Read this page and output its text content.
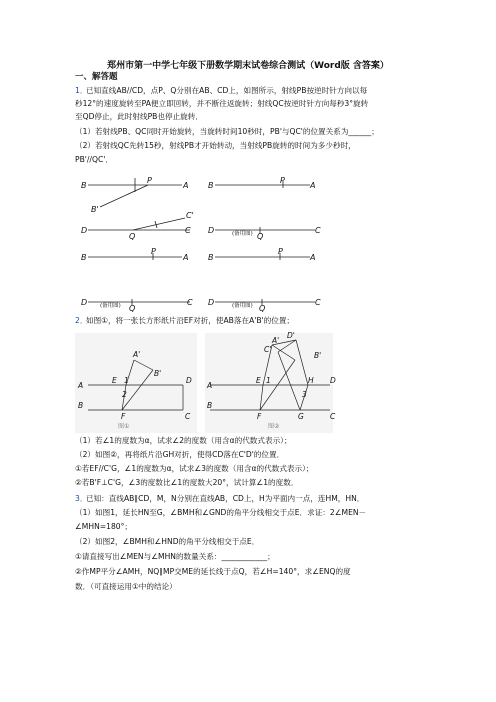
郑州市第一中学七年级下册数学期末试卷综合测试（Word版 含答案）
一、解答题
1．
已知直线AB//CD，点P、Q分别在AB、CD上，如图所示，射线PB按逆时针方向以每
秒12°的速度旋转至PA便立即回转，并不断往返旋转；射线QC按逆时针方向每秒3°旋转
至QD停止，此时射线PB也停止旋转．
（1）若射线PB、QC同时开始旋转，当旋转时间10秒时，PB'与QC'的位置关系为______；
（2）若射线QC先转15秒，射线PB才开始转动，当射线PB旋转的时间为多少秒时，
PB'//QC'．
B
P
A
B'
C'
D
Q
C
B
P
A
D
Q
C
(备用图)
B
P
A
D
Q
C
(备用图)
B
P
A
D
Q
C
(备用图)
2．
如图①，将一张长方形纸片沿EF对折，使AB落在A'B'的位置；
A
E 1
2
D
A'
B'
B
F	C
图①
A
E 1	H
3
D
D'
C'
A'
B'
B
F	G	C
图②
（1）若∠1的度数为α，试求∠2的度数（用含α的代数式表示）；
（2）如图②，再将纸片沿GH对折，使得CD落在C'D'的位置．
①若EF//C'G，∠1的度数为α，试求∠3的度数（用含α的代数式表示）；
②若B'F⊥C'G，∠3的度数比∠1的度数大20°，试计算∠1的度数．
3．
已知：直线AB∥CD，M，N分别在直线AB，CD上，H为平面内一点，连HM，HN．
（1）如图1，延长HN至G，∠BMH和∠GND的角平分线相交于点E．求证：2∠MEN－
∠MHN=180°；
（2）如图2，∠BMH和∠HND的角平分线相交于点E．
①请直接写出∠MEN与∠MHN的数量关系：____________；
②作MP平分∠AMH，NQ∥MP交ME的延长线于点Q，若∠H=140°，求∠ENQ的度
数．（可直接运用①中的结论）
